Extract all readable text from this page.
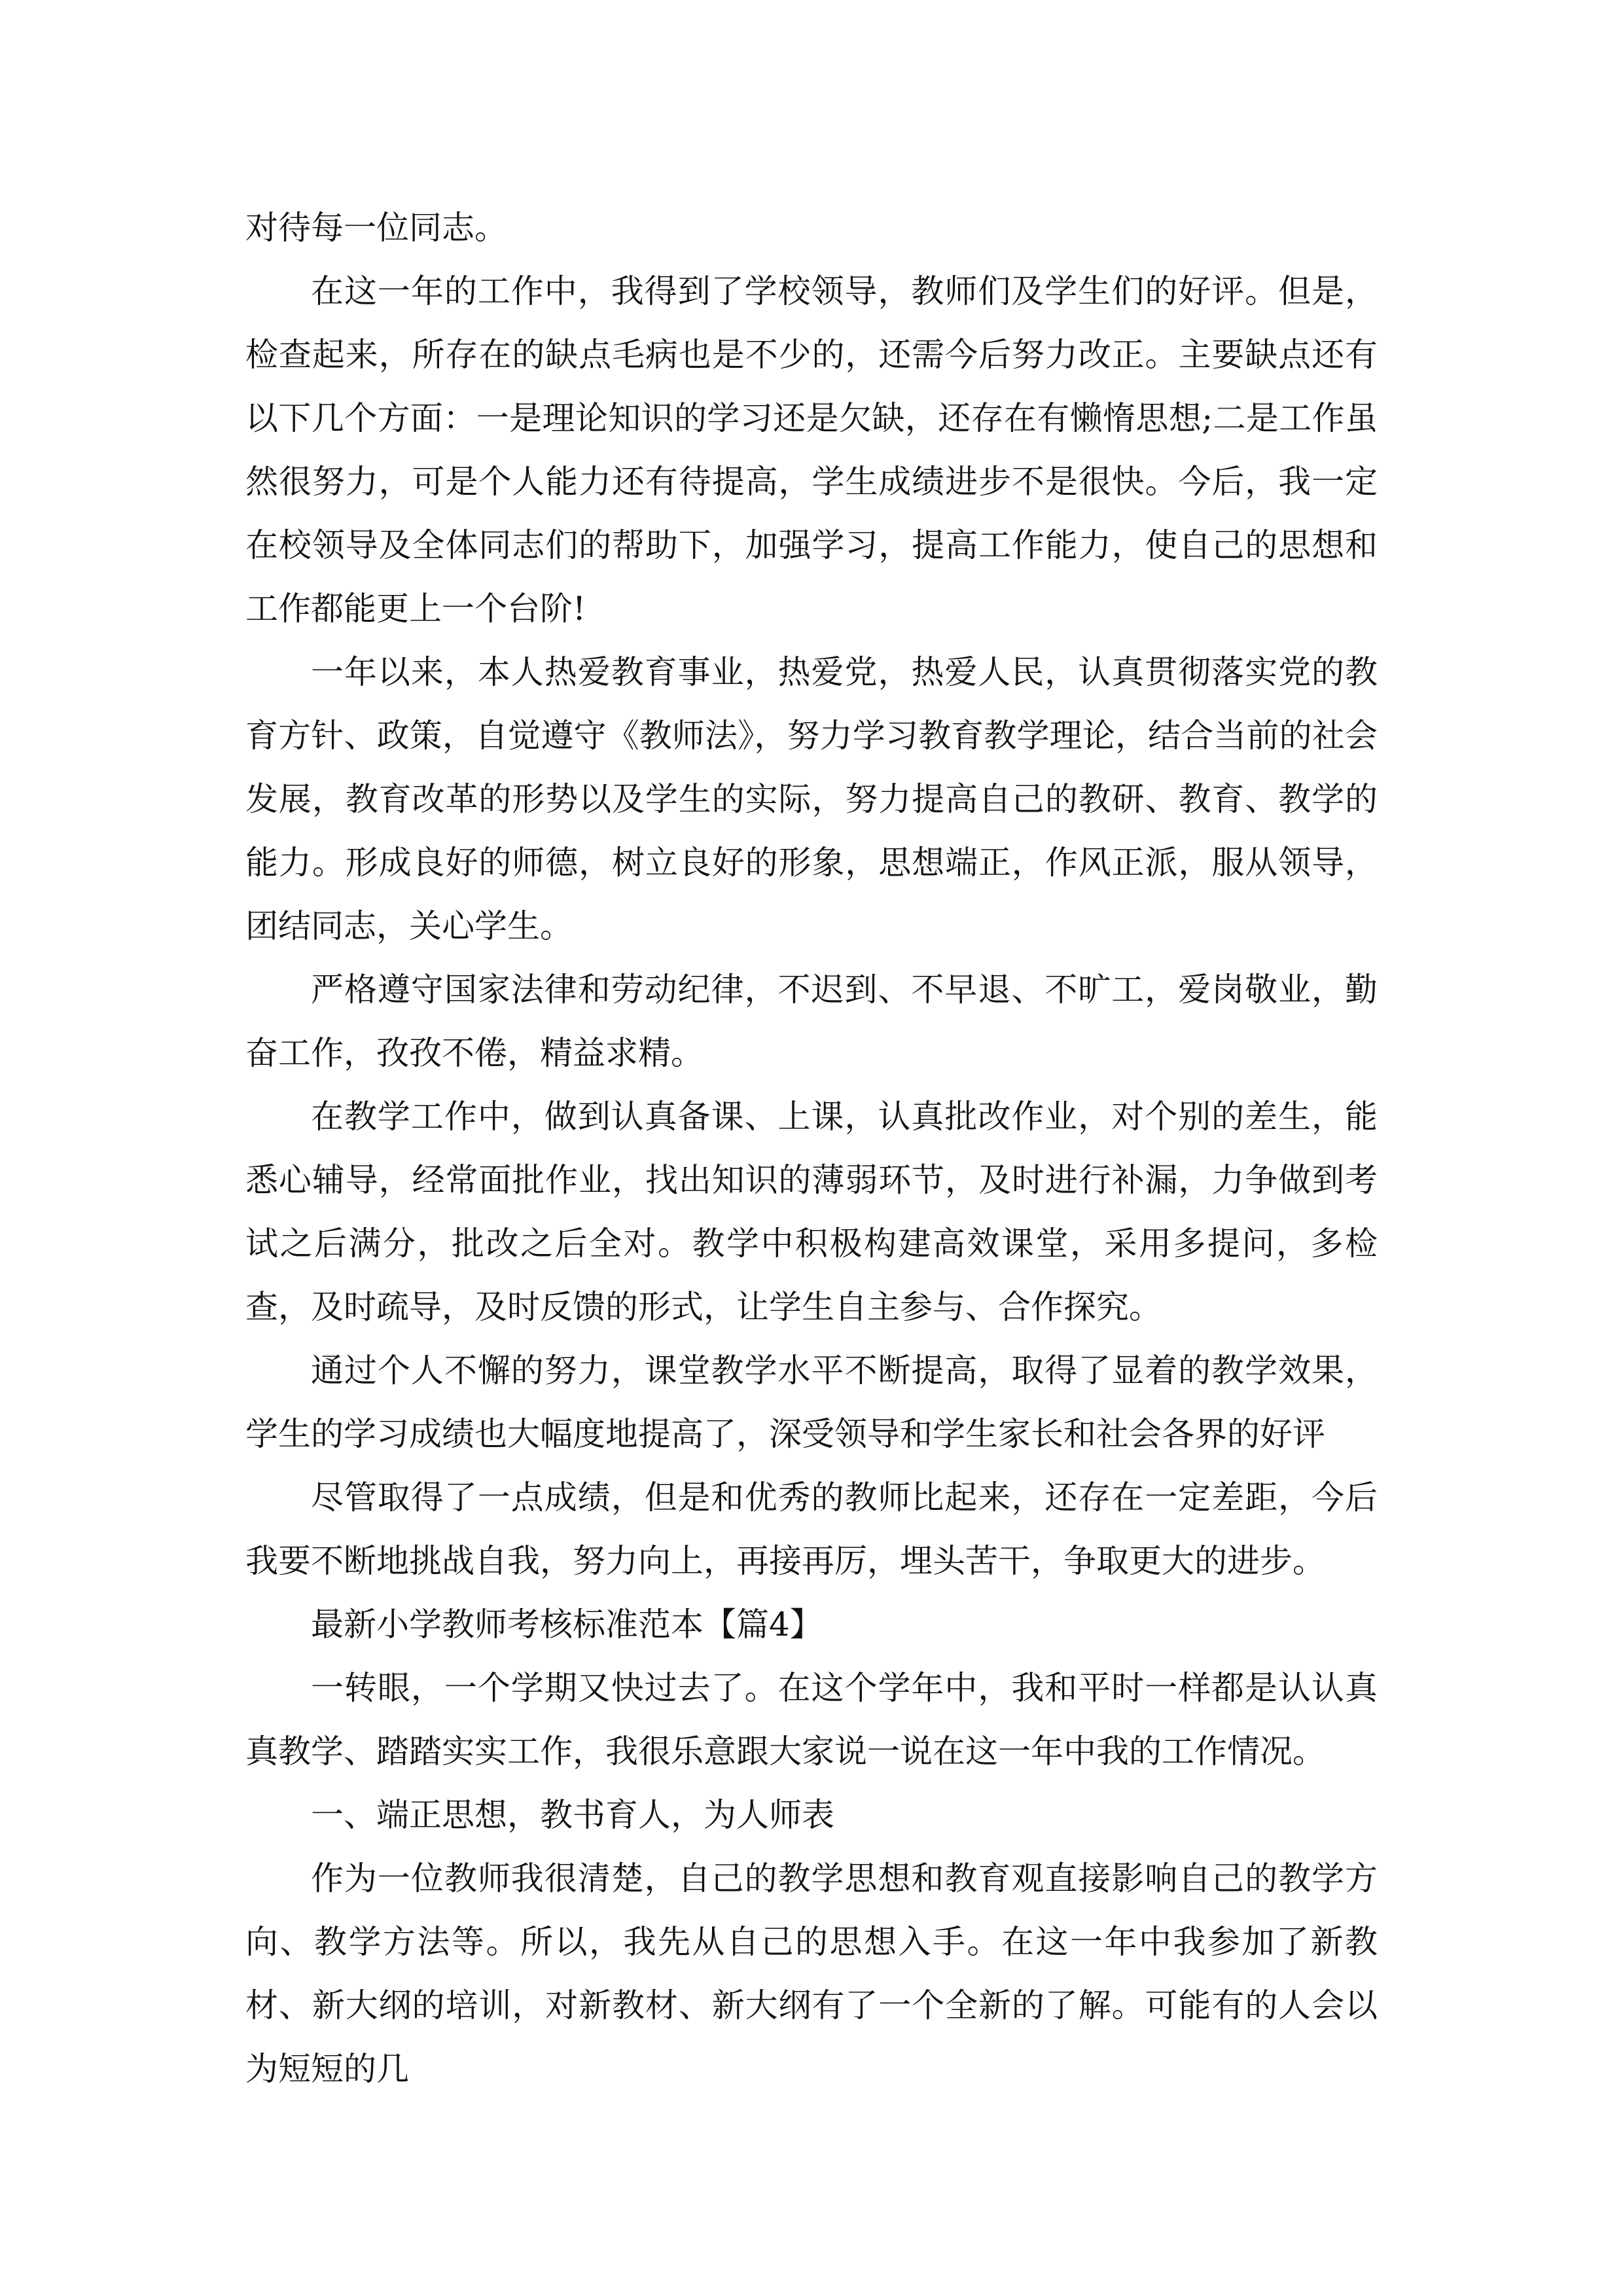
对待每一位同志。

在这一年的工作中，我得到了学校领导，教师们及学生们的好评。但是，检查起来，所存在的缺点毛病也是不少的，还需今后努力改正。主要缺点还有以下几个方面：一是理论知识的学习还是欠缺，还存在有懒惰思想;二是工作虽然很努力，可是个人能力还有待提高，学生成绩进步不是很快。今后，我一定在校领导及全体同志们的帮助下，加强学习，提高工作能力，使自己的思想和工作都能更上一个台阶!

一年以来，本人热爱教育事业，热爱党，热爱人民，认真贯彻落实党的教育方针、政策，自觉遵守《教师法》，努力学习教育教学理论，结合当前的社会发展，教育改革的形势以及学生的实际，努力提高自己的教研、教育、教学的能力。形成良好的师德，树立良好的形象，思想端正，作风正派，服从领导，团结同志，关心学生。

严格遵守国家法律和劳动纪律，不迟到、不早退、不旷工，爱岗敬业，勤奋工作，孜孜不倦，精益求精。

在教学工作中，做到认真备课、上课，认真批改作业，对个别的差生，能悉心辅导，经常面批作业，找出知识的薄弱环节，及时进行补漏，力争做到考试之后满分，批改之后全对。教学中积极构建高效课堂，采用多提问，多检查，及时疏导，及时反馈的形式，让学生自主参与、合作探究。

通过个人不懈的努力，课堂教学水平不断提高，取得了显着的教学效果，学生的学习成绩也大幅度地提高了，深受领导和学生家长和社会各界的好评

尽管取得了一点成绩，但是和优秀的教师比起来，还存在一定差距，今后我要不断地挑战自我，努力向上，再接再厉，埋头苦干，争取更大的进步。

最新小学教师考核标准范本【篇4】

一转眼，一个学期又快过去了。在这个学年中，我和平时一样都是认认真真教学、踏踏实实工作，我很乐意跟大家说一说在这一年中我的工作情况。

一、端正思想，教书育人，为人师表

作为一位教师我很清楚，自己的教学思想和教育观直接影响自己的教学方向、教学方法等。所以，我先从自己的思想入手。在这一年中我参加了新教材、新大纲的培训，对新教材、新大纲有了一个全新的了解。可能有的人会以为短短的几
